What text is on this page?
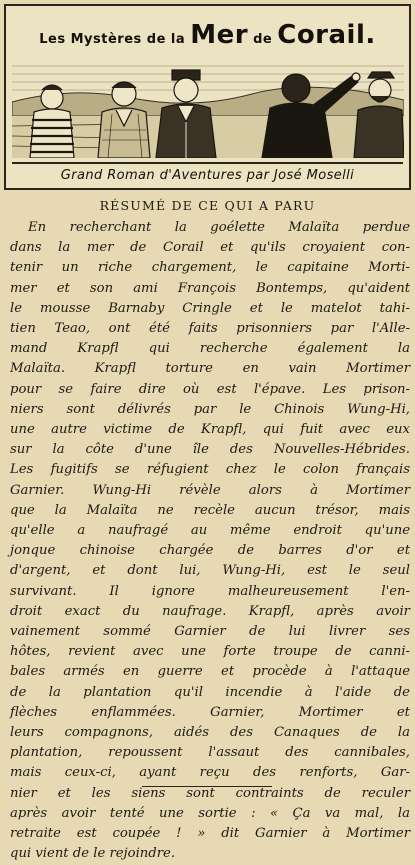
Les Mystères de la Mer de Corail.
Grand Roman d'Aventures par José Moselli
RÉSUMÉ DE CE QUI A PARU
En recherchant la goélette Malaïta perdue
dans la mer de Corail et qu'ils croyaient con-
tenir un riche chargement, le capitaine Morti-
mer et son ami François Bontemps, qu'aident
le mousse Barnaby Cringle et le matelot tahi-
tien Teao, ont été faits prisonniers par l'Alle-
mand Krapfl qui recherche également la
Malaïta. Krapfl torture en vain Mortimer
pour se faire dire où est l'épave. Les prison-
niers sont délivrés par le Chinois Wung-Hi,
une autre victime de Krapfl, qui fuit avec eux
sur la côte d'une île des Nouvelles-Hébrides.
Les fugitifs se réfugient chez le colon français
Garnier. Wung-Hi révèle alors à Mortimer
que la Malaïta ne recèle aucun trésor, mais
qu'elle a naufragé au même endroit qu'une
jonque chinoise chargée de barres d'or et
d'argent, et dont lui, Wung-Hi, est le seul
survivant. Il ignore malheureusement l'en-
droit exact du naufrage. Krapfl, après avoir
vainement sommé Garnier de lui livrer ses
hôtes, revient avec une forte troupe de canni-
bales armés en guerre et procède à l'attaque
de la plantation qu'il incendie à l'aide de
flèches enflammées. Garnier, Mortimer et
leurs compagnons, aidés des Canaques de la
plantation, repoussent l'assaut des cannibales,
mais ceux-ci, ayant reçu des renforts, Gar-
nier et les siens sont contraints de reculer
après avoir tenté une sortie : « Ça va mal, la
retraite est coupée ! » dit Garnier à Mortimer
qui vient de le rejoindre.
